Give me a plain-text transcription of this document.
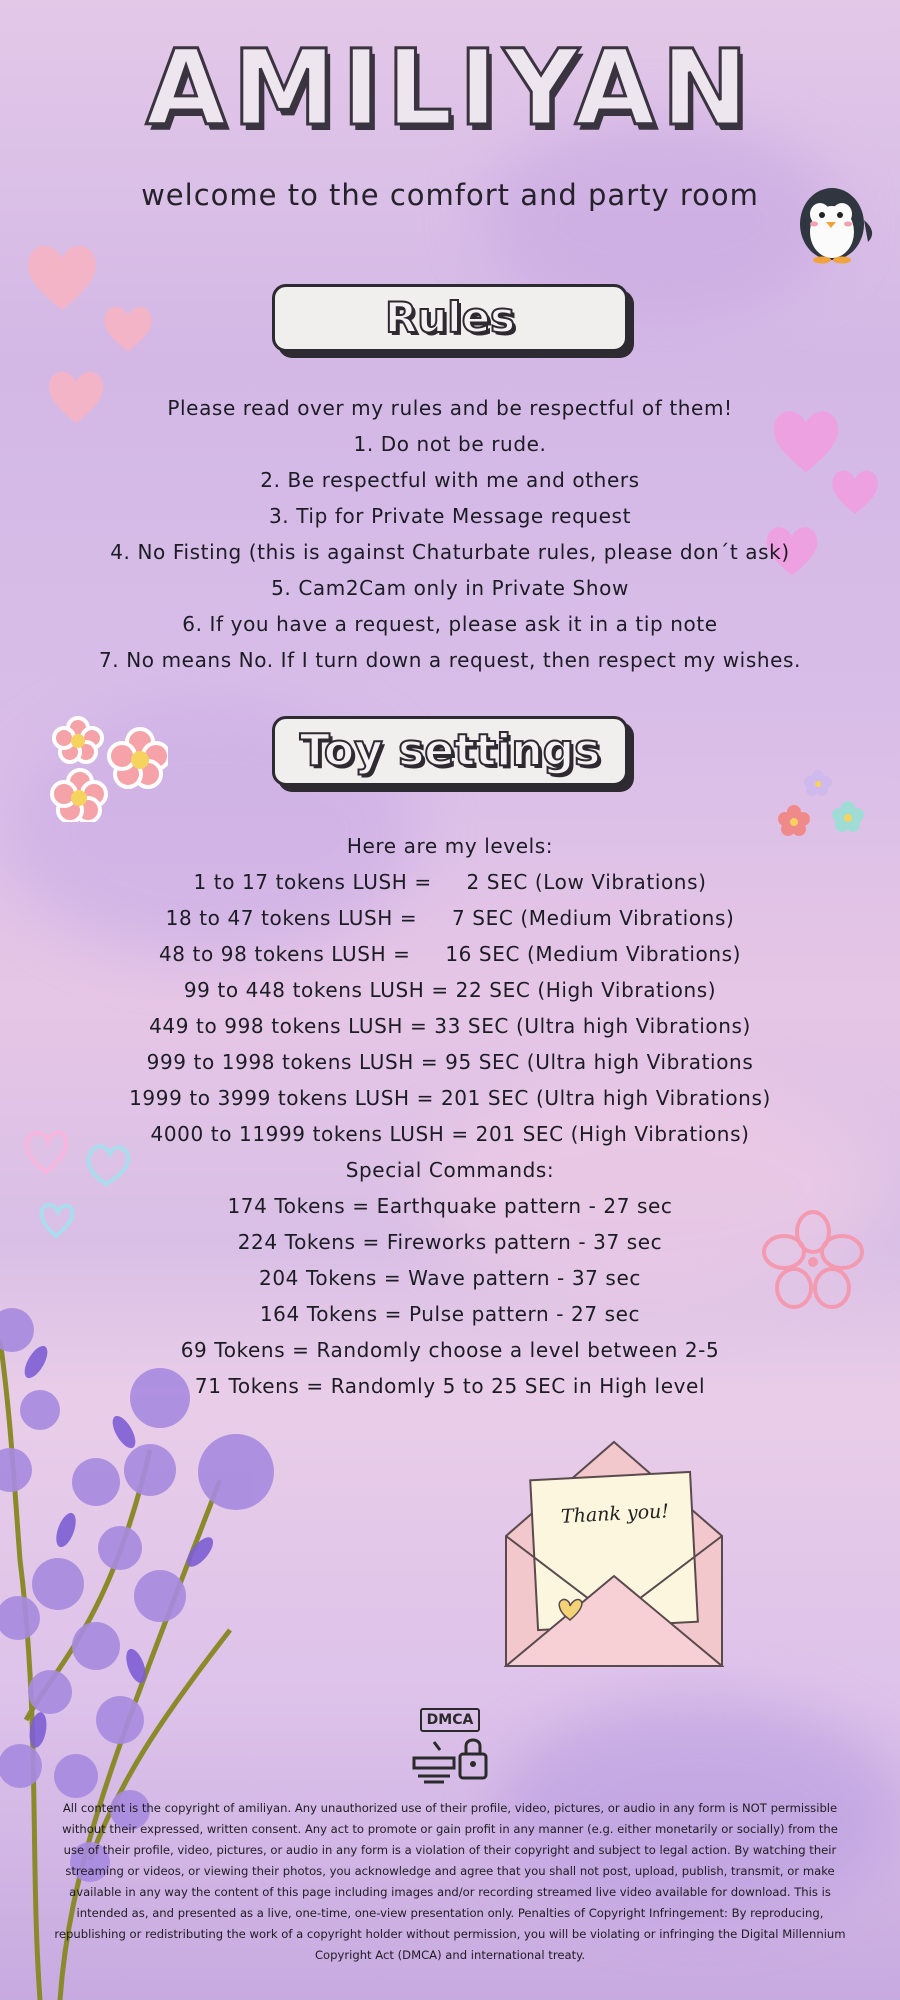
AMILIYAN
welcome to the comfort and party room
Rules
Please read over my rules and be respectful of them!
1. Do not be rude.
2. Be respectful with me and others
3. Tip for Private Message request
4. No Fisting (this is against Chaturbate rules, please don´t ask)
5. Cam2Cam only in Private Show
6. If you have a request, please ask it in a tip note
7. No means No. If I turn down a request, then respect my wishes.
Toy settings
Here are my levels:
1 to 17 tokens LUSH =     2 SEC (Low Vibrations)
18 to 47 tokens LUSH =     7 SEC (Medium Vibrations)
48 to 98 tokens LUSH =     16 SEC (Medium Vibrations)
99 to 448 tokens LUSH = 22 SEC (High Vibrations)
449 to 998 tokens LUSH = 33 SEC (Ultra high Vibrations)
999 to 1998 tokens LUSH = 95 SEC (Ultra high Vibrations
1999 to 3999 tokens LUSH = 201 SEC (Ultra high Vibrations)
4000 to 11999 tokens LUSH = 201 SEC (High Vibrations)
Special Commands:
174 Tokens = Earthquake pattern - 27 sec
224 Tokens = Fireworks pattern - 37 sec
204 Tokens = Wave pattern - 37 sec
164 Tokens = Pulse pattern - 27 sec
69 Tokens = Randomly choose a level between 2-5
71 Tokens = Randomly 5 to 25 SEC in High level
Thank you!
DMCA
All content is the copyright of amiliyan. Any unauthorized use of their profile, video, pictures, or audio in any form is NOT permissible without their expressed, written consent. Any act to promote or gain profit in any manner (e.g. either monetarily or socially) from the use of their profile, video, pictures, or audio in any form is a violation of their copyright and subject to legal action. By watching their streaming or videos, or viewing their photos, you acknowledge and agree that you shall not post, upload, publish, transmit, or make available in any way the content of this page including images and/or recording streamed live video available for download. This is intended as, and presented as a live, one-time, one-view presentation only. Penalties of Copyright Infringement: By reproducing, republishing or redistributing the work of a copyright holder without permission, you will be violating or infringing the Digital Millennium Copyright Act (DMCA) and international treaty.
